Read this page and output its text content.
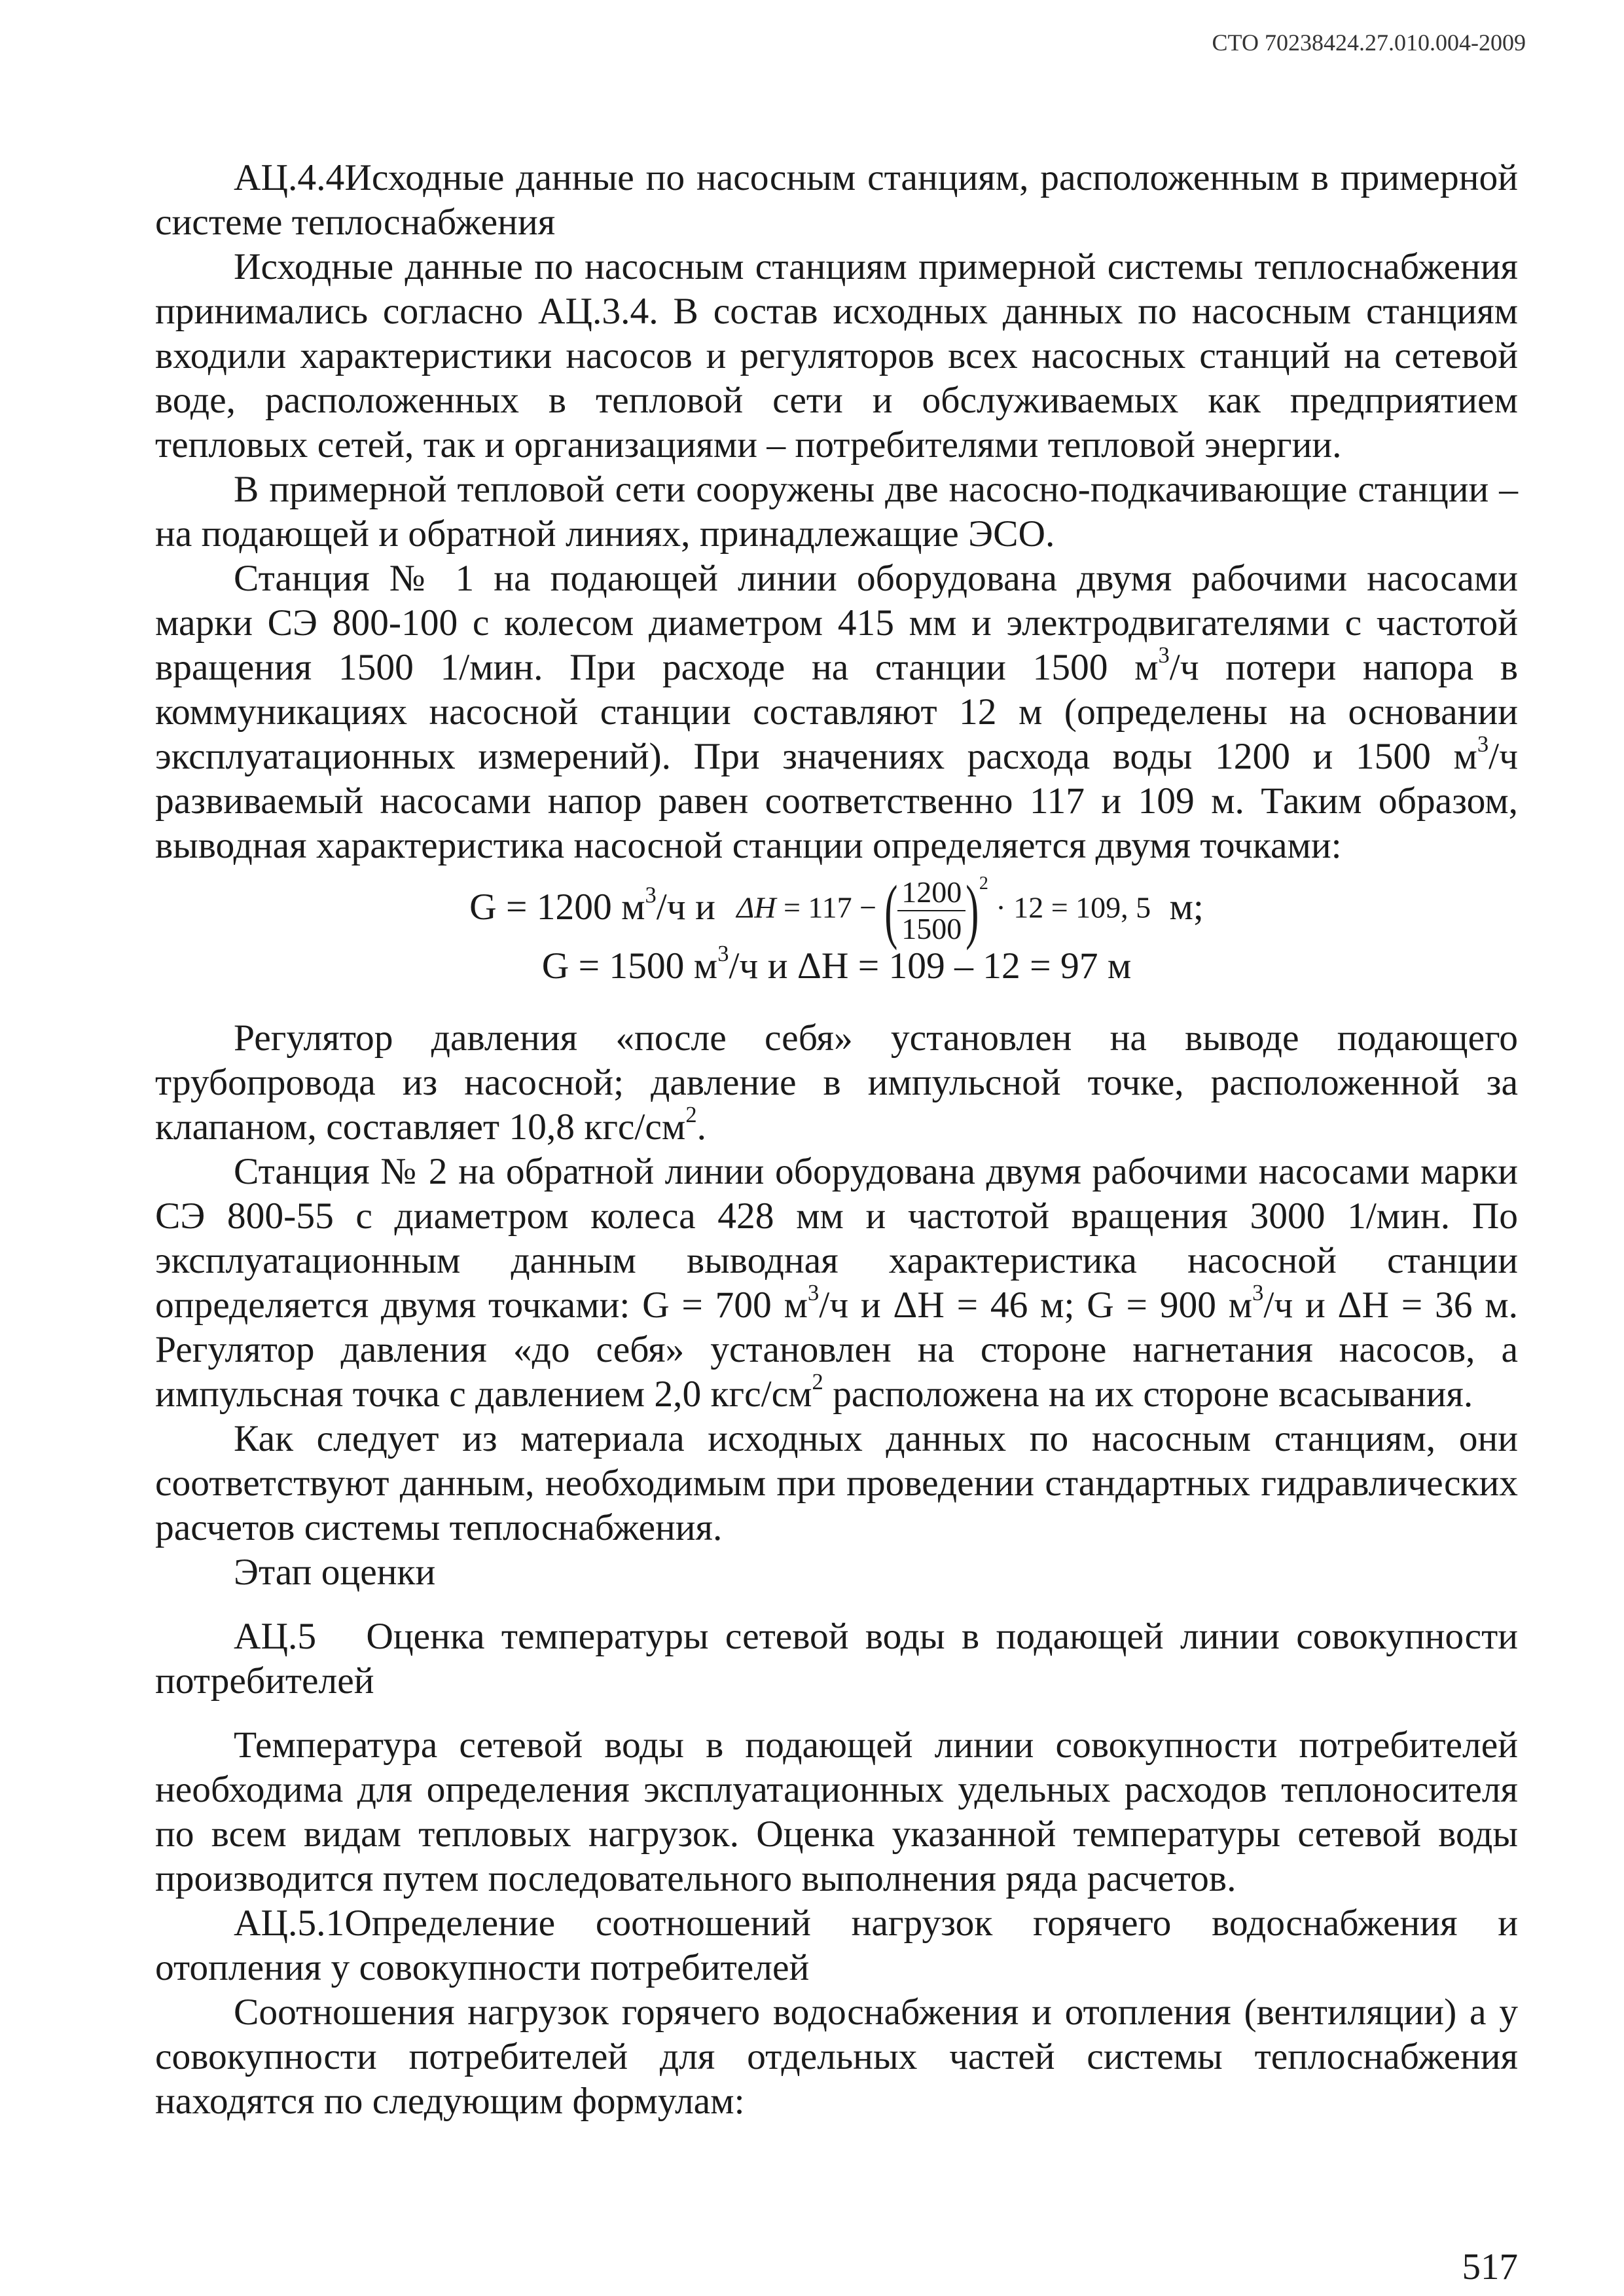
СТО 70238424.27.010.004-2009

АЦ.4.4Исходные данные по насосным станциям, расположенным в примерной системе теплоснабжения

Исходные данные по насосным станциям примерной системы теплоснабжения принимались согласно АЦ.3.4. В состав исходных данных по насосным станциям входили характеристики насосов и регуляторов всех насосных станций на сетевой воде, расположенных в тепловой сети и обслуживаемых как предприятием тепловых сетей, так и организациями – потребителями тепловой энергии.

В примерной тепловой сети сооружены две насосно-подкачивающие станции – на подающей и обратной линиях, принадлежащие ЭСО.

Станция № 1 на подающей линии оборудована двумя рабочими насосами марки СЭ 800-100 с колесом диаметром 415 мм и электродвигателями с частотой вращения 1500 1/мин. При расходе на станции 1500 $м^3/ч$ потери напора в коммуникациях насосной станции составляют 12 м (определены на основании эксплуатационных измерений). При значениях расхода воды 1200 и 1500 $м^3/ч$ развиваемый насосами напор равен соответственно 117 и 109 м. Таким образом, выводная характеристика насосной станции определяется двумя точками:

G = 1200 $м^3/ч$ и ΔH = 117 − ( $\frac{1200}{1500} )^2 \cdot 12 = 109$, 5 м;
G = 1500 $м^3/ч$ и ΔH = 109 – 12 = 97 м

Регулятор давления «после себя» установлен на выводе подающего трубопровода из насосной; давление в импульсной точке, расположенной за клапаном, составляет 10,8 кгс/$см^2$.

Станция № 2 на обратной линии оборудована двумя рабочими насосами марки СЭ 800-55 с диаметром колеса 428 мм и частотой вращения 3000 1/мин. По эксплуатационным данным выводная характеристика насосной станции определяется двумя точками: G = 700 $м^3/ч$ и ΔH = 46 м; G = 900 $м^3/ч$ и ΔH = 36 м. Регулятор давления «до себя» установлен на стороне нагнетания насосов, а импульсная точка с давлением 2,0 кгс/$см^2$ расположена на их стороне всасывания.

Как следует из материала исходных данных по насосным станциям, они соответствуют данным, необходимым при проведении стандартных гидравлических расчетов системы теплоснабжения.

Этап оценки

АЦ.5 Оценка температуры сетевой воды в подающей линии совокупности потребителей

Температура сетевой воды в подающей линии совокупности потребителей необходима для определения эксплуатационных удельных расходов теплоносителя по всем видам тепловых нагрузок. Оценка указанной температуры сетевой воды производится путем последовательного выполнения ряда расчетов.

АЦ.5.1Определение соотношений нагрузок горячего водоснабжения и отопления у совокупности потребителей

Соотношения нагрузок горячего водоснабжения и отопления (вентиляции) а у совокупности потребителей для отдельных частей системы теплоснабжения находятся по следующим формулам:

517
